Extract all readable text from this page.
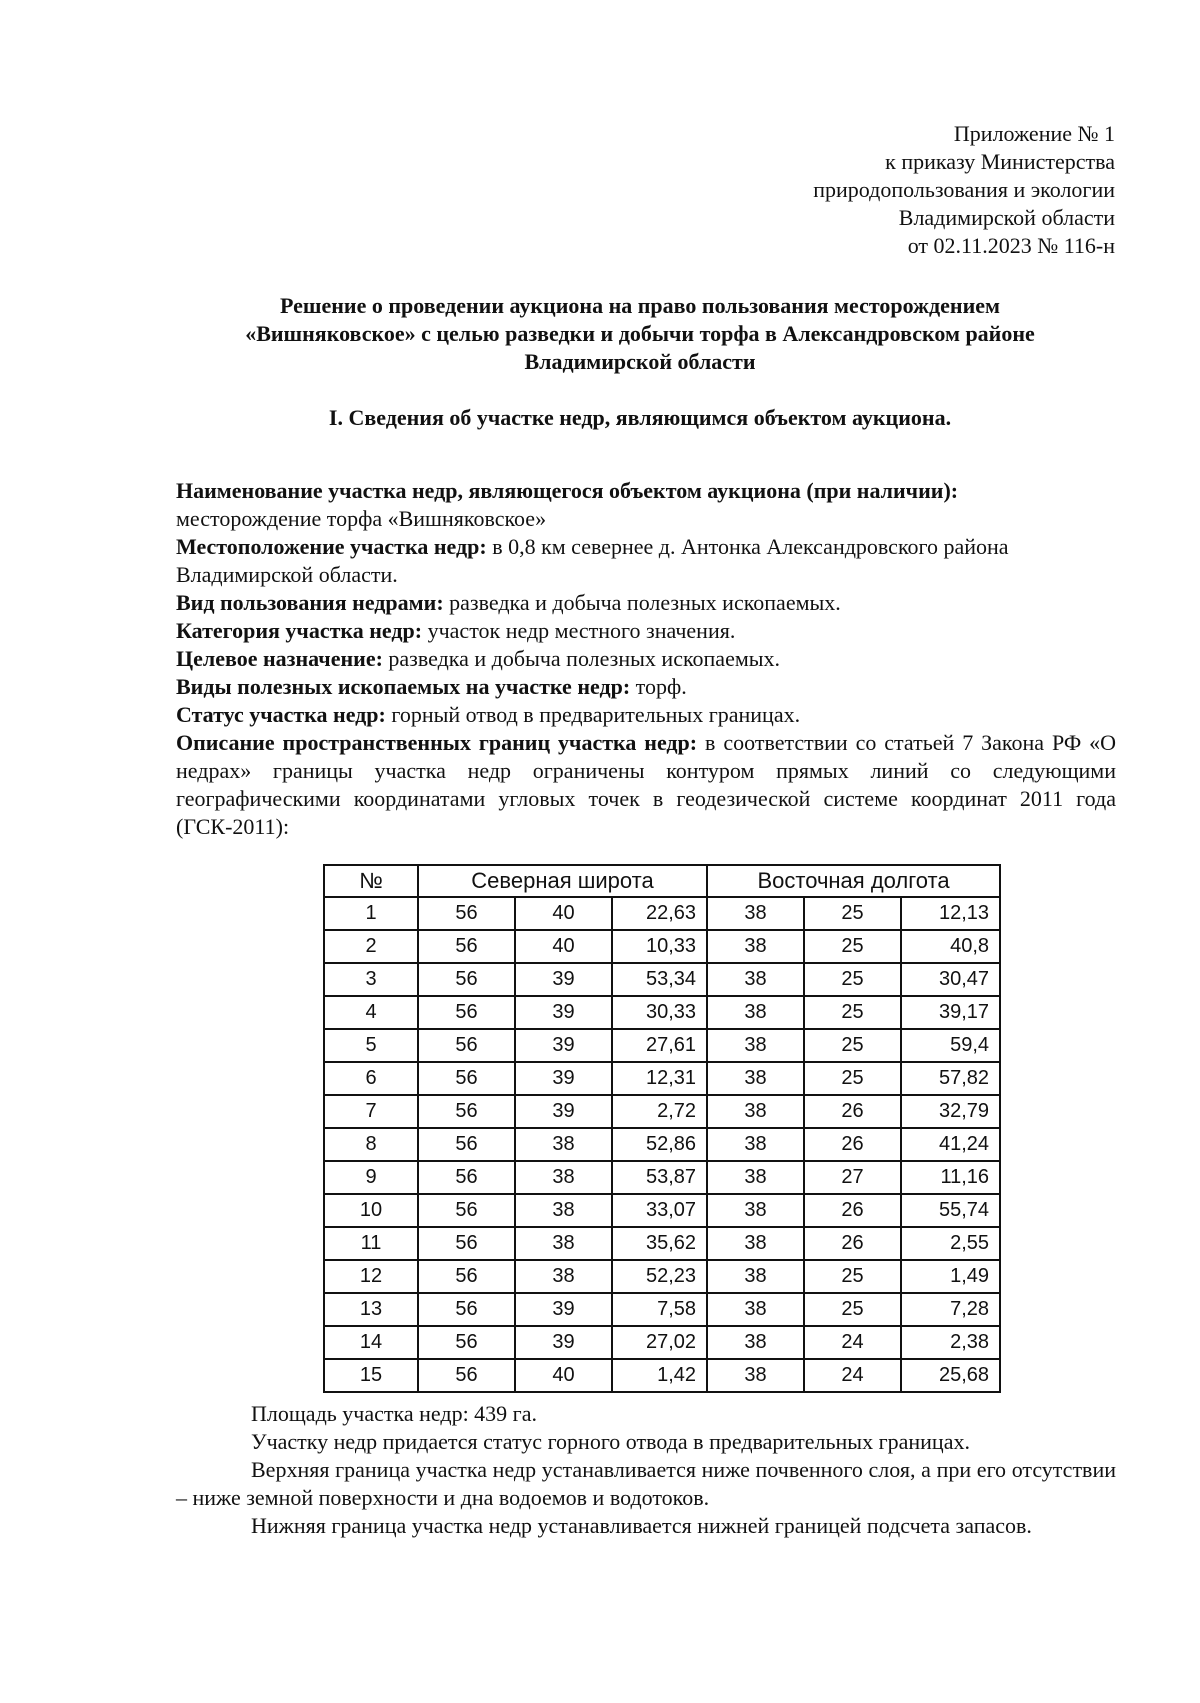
Приложение № 1
к приказу Министерства
природопользования и экологии
Владимирской области
от 02.11.2023 № 116-н
Решение о проведении аукциона на право пользования месторождением
«Вишняковское» с целью разведки и добычи торфа в Александровском районе
Владимирской области
I. Сведения об участке недр, являющимся объектом аукциона.
Наименование участка недр, являющегося объектом аукциона (при наличии):
месторождение торфа «Вишняковское»
Местоположение участка недр: в 0,8 км севернее д. Антонка Александровского района Владимирской области.
Вид пользования недрами: разведка и добыча полезных ископаемых.
Категория участка недр: участок недр местного значения.
Целевое назначение: разведка и добыча полезных ископаемых.
Виды полезных ископаемых на участке недр: торф.
Статус участка недр: горный отвод в предварительных границах.
Описание пространственных границ участка недр: в соответствии со статьей 7 Закона РФ «О недрах» границы участка недр ограничены контуром прямых линий со следующими географическими координатами угловых точек в геодезической системе координат 2011 года (ГСК-2011):
№	Северная широта			Восточная долгота		
1	56	40	22,63	38	25	12,13
2	56	40	10,33	38	25	40,8
3	56	39	53,34	38	25	30,47
4	56	39	30,33	38	25	39,17
5	56	39	27,61	38	25	59,4
6	56	39	12,31	38	25	57,82
7	56	39	2,72	38	26	32,79
8	56	38	52,86	38	26	41,24
9	56	38	53,87	38	27	11,16
10	56	38	33,07	38	26	55,74
11	56	38	35,62	38	26	2,55
12	56	38	52,23	38	25	1,49
13	56	39	7,58	38	25	7,28
14	56	39	27,02	38	24	2,38
15	56	40	1,42	38	24	25,68
Площадь участка недр: 439 га.
Участку недр придается статус горного отвода в предварительных границах.
Верхняя граница участка недр устанавливается ниже почвенного слоя, а при его отсутствии – ниже земной поверхности и дна водоемов и водотоков.
Нижняя граница участка недр устанавливается нижней границей подсчета запасов.
